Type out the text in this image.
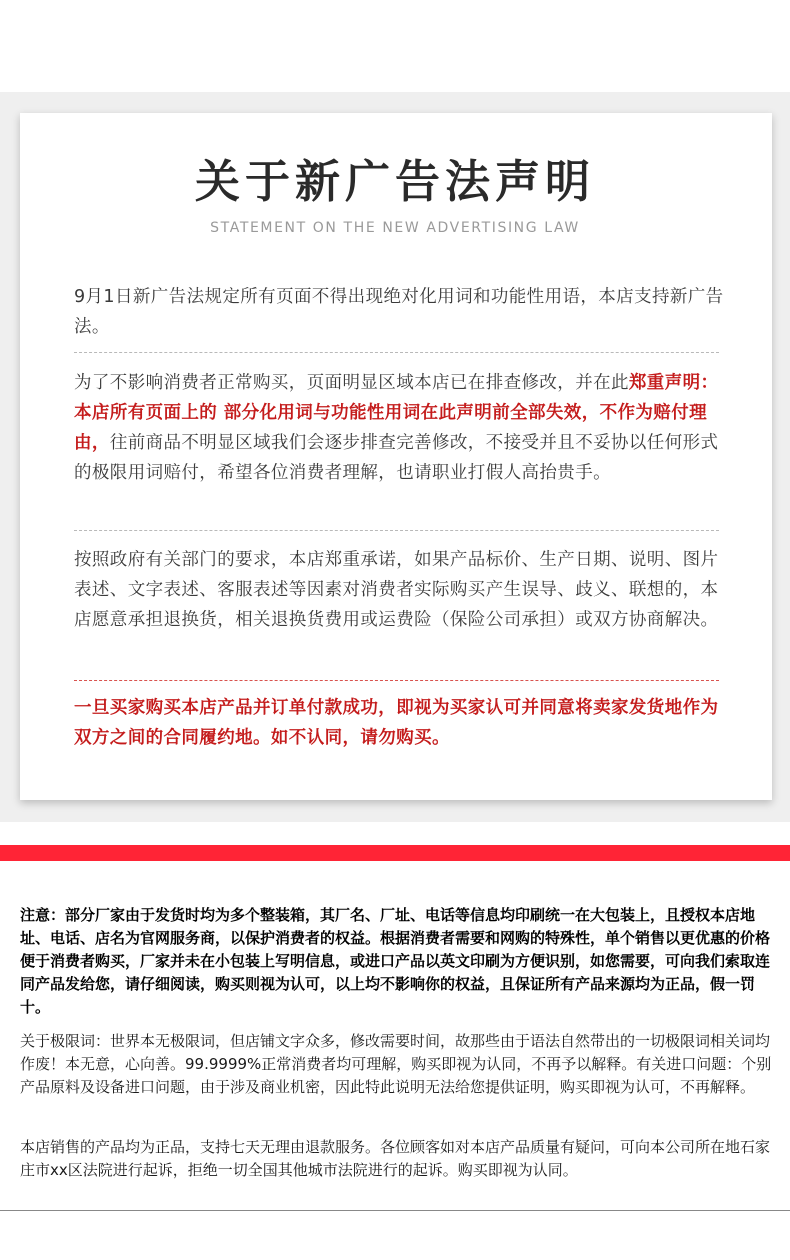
关于新广告法声明
STATEMENT ON THE NEW ADVERTISING LAW

9月1日新广告法规定所有页面不得出现绝对化用词和功能性用语，本店支持新广告法。

为了不影响消费者正常购买，页面明显区域本店已在排查修改，并在此郑重声明：本店所有页面上的 部分化用词与功能性用词在此声明前全部失效，不作为赔付理由，往前商品不明显区域我们会逐步排查完善修改，不接受并且不妥协以任何形式的极限用词赔付，希望各位消费者理解，也请职业打假人高抬贵手。

按照政府有关部门的要求，本店郑重承诺，如果产品标价、生产日期、说明、图片表述、文字表述、客服表述等因素对消费者实际购买产生误导、歧义、联想的，本店愿意承担退换货，相关退换货费用或运费险（保险公司承担）或双方协商解决。

一旦买家购买本店产品并订单付款成功，即视为买家认可并同意将卖家发货地作为双方之间的合同履约地。如不认同，请勿购买。

注意：部分厂家由于发货时均为多个整装箱，其厂名、厂址、电话等信息均印刷统一在大包装上，且授权本店地址、电话、店名为官网服务商，以保护消费者的权益。根据消费者需要和网购的特殊性，单个销售以更优惠的价格便于消费者购买，厂家并未在小包装上写明信息，或进口产品以英文印刷为方便识别，如您需要，可向我们索取连同产品发给您，请仔细阅读，购买则视为认可，以上均不影响你的权益，且保证所有产品来源均为正品，假一罚十。

关于极限词：世界本无极限词，但店铺文字众多，修改需要时间，故那些由于语法自然带出的一切极限词相关词均作废！本无意，心向善。99.9999%正常消费者均可理解，购买即视为认同，不再予以解释。有关进口问题：个别产品原料及设备进口问题，由于涉及商业机密，因此特此说明无法给您提供证明，购买即视为认可，不再解释。

本店销售的产品均为正品，支持七天无理由退款服务。各位顾客如对本店产品质量有疑问，可向本公司所在地石家庄市xx区法院进行起诉，拒绝一切全国其他城市法院进行的起诉。购买即视为认同。
